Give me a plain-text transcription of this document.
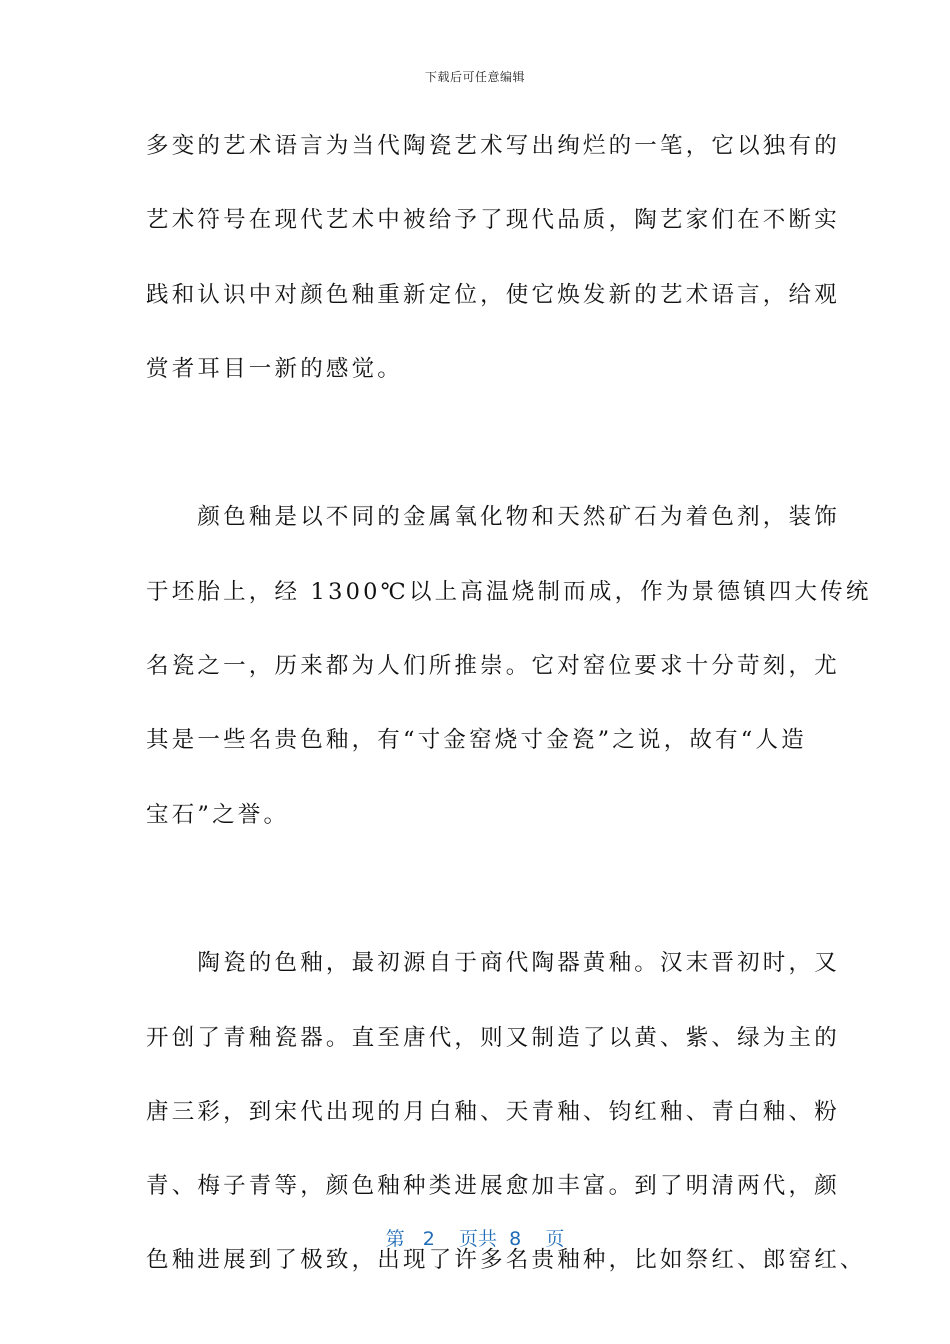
下载后可任意编辑
多变的艺术语言为当代陶瓷艺术写出绚烂的一笔，它以独有的
艺术符号在现代艺术中被给予了现代品质，陶艺家们在不断实
践和认识中对颜色釉重新定位，使它焕发新的艺术语言，给观
赏者耳目一新的感觉。
　　颜色釉是以不同的金属氧化物和天然矿石为着色剂，装饰
于坯胎上，经 1300℃以上高温烧制而成，作为景德镇四大传统
名瓷之一，历来都为人们所推崇。它对窑位要求十分苛刻，尤
其是一些名贵色釉，有“寸金窑烧寸金瓷”之说，故有“人造
宝石”之誉。
　　陶瓷的色釉，最初源自于商代陶器黄釉。汉末晋初时，又
开创了青釉瓷器。直至唐代，则又制造了以黄、紫、绿为主的
唐三彩，到宋代出现的月白釉、天青釉、钧红釉、青白釉、粉
青、梅子青等，颜色釉种类进展愈加丰富。到了明清两代，颜
色釉进展到了极致，出现了许多名贵釉种，比如祭红、郎窑红、
第 2 页共 8 页
